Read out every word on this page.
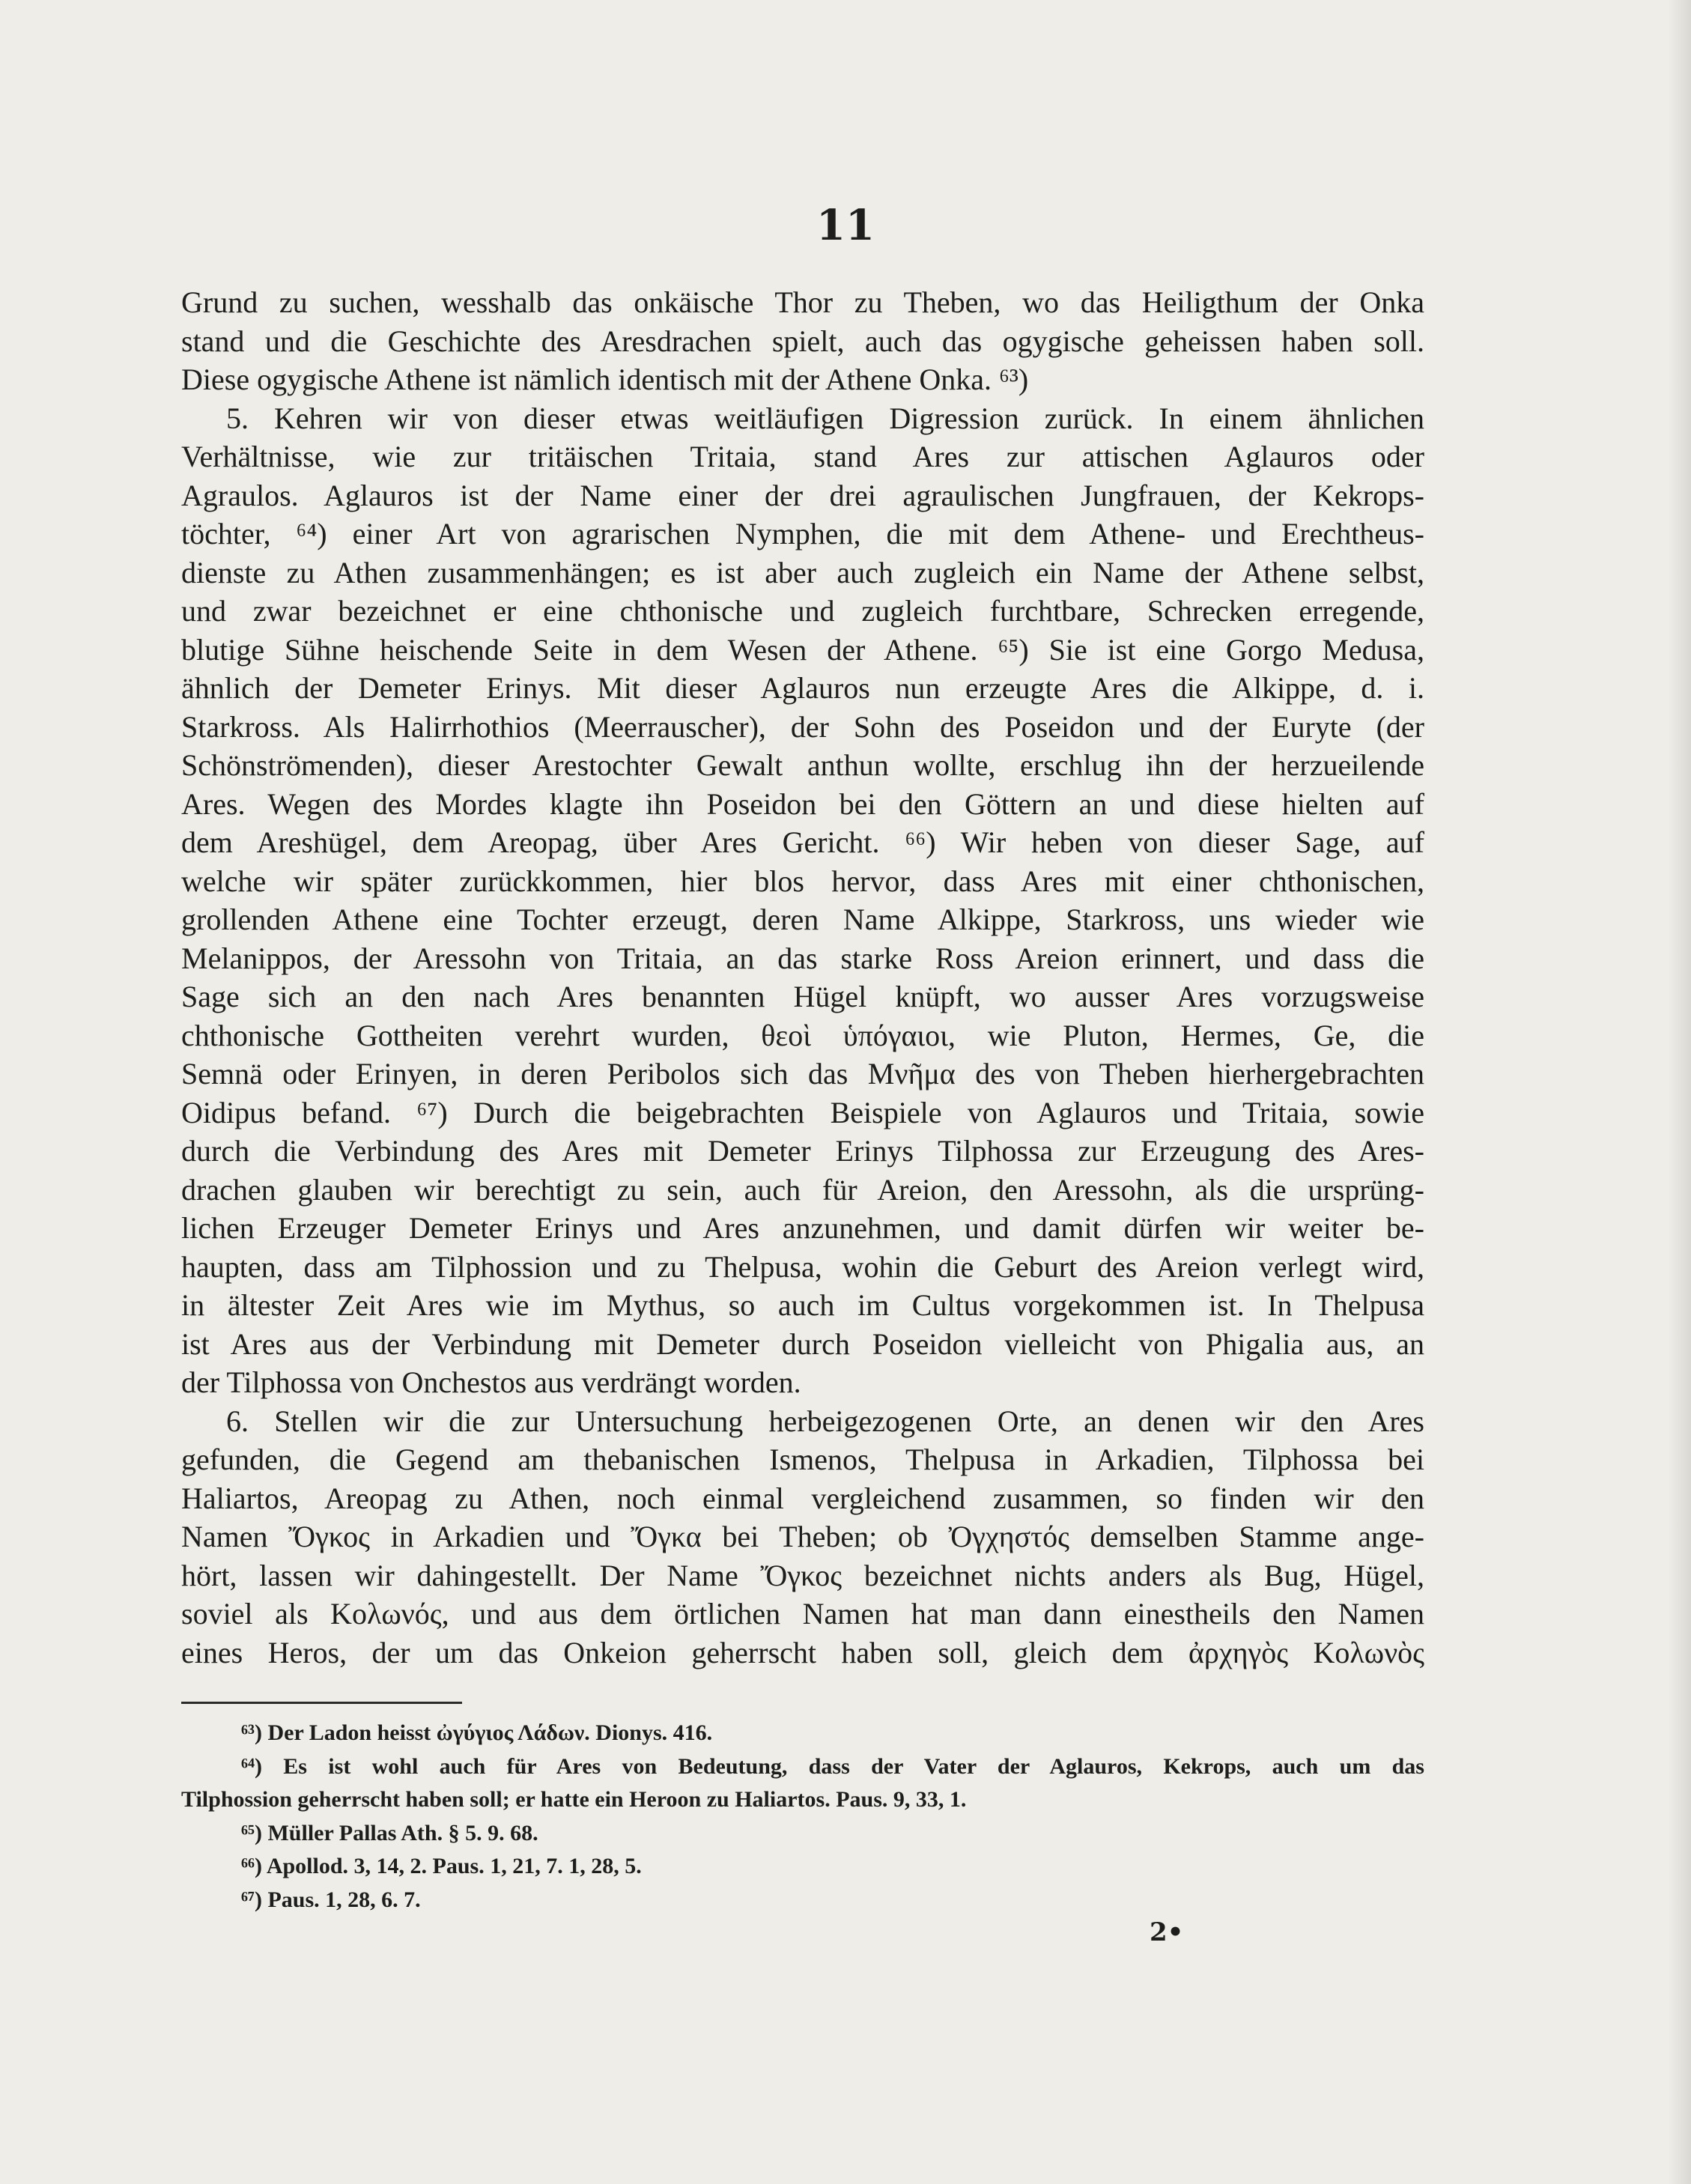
11
Grund zu suchen, wesshalb das onkäische Thor zu Theben, wo das Heiligthum der Onka
stand und die Geschichte des Aresdrachen spielt, auch das ogygische geheissen haben soll.
Diese ogygische Athene ist nämlich identisch mit der Athene Onka. ⁶³)
5. Kehren wir von dieser etwas weitläufigen Digression zurück. In einem ähnlichen
Verhältnisse, wie zur tritäischen Tritaia, stand Ares zur attischen Aglauros oder
Agraulos. Aglauros ist der Name einer der drei agraulischen Jungfrauen, der Kekrops-
töchter, ⁶⁴) einer Art von agrarischen Nymphen, die mit dem Athene- und Erechtheus-
dienste zu Athen zusammenhängen; es ist aber auch zugleich ein Name der Athene selbst,
und zwar bezeichnet er eine chthonische und zugleich furchtbare, Schrecken erregende,
blutige Sühne heischende Seite in dem Wesen der Athene. ⁶⁵) Sie ist eine Gorgo Medusa,
ähnlich der Demeter Erinys. Mit dieser Aglauros nun erzeugte Ares die Alkippe, d. i.
Starkross. Als Halirrhothios (Meerrauscher), der Sohn des Poseidon und der Euryte (der
Schönströmenden), dieser Arestochter Gewalt anthun wollte, erschlug ihn der herzueilende
Ares. Wegen des Mordes klagte ihn Poseidon bei den Göttern an und diese hielten auf
dem Areshügel, dem Areopag, über Ares Gericht. ⁶⁶) Wir heben von dieser Sage, auf
welche wir später zurückkommen, hier blos hervor, dass Ares mit einer chthonischen,
grollenden Athene eine Tochter erzeugt, deren Name Alkippe, Starkross, uns wieder wie
Melanippos, der Aressohn von Tritaia, an das starke Ross Areion erinnert, und dass die
Sage sich an den nach Ares benannten Hügel knüpft, wo ausser Ares vorzugsweise
chthonische Gottheiten verehrt wurden, θεοὶ ὑπόγαιοι, wie Pluton, Hermes, Ge, die
Semnä oder Erinyen, in deren Peribolos sich das Μνῆμα des von Theben hierhergebrachten
Oidipus befand. ⁶⁷) Durch die beigebrachten Beispiele von Aglauros und Tritaia, sowie
durch die Verbindung des Ares mit Demeter Erinys Tilphossa zur Erzeugung des Ares-
drachen glauben wir berechtigt zu sein, auch für Areion, den Aressohn, als die ursprüng-
lichen Erzeuger Demeter Erinys und Ares anzunehmen, und damit dürfen wir weiter be-
haupten, dass am Tilphossion und zu Thelpusa, wohin die Geburt des Areion verlegt wird,
in ältester Zeit Ares wie im Mythus, so auch im Cultus vorgekommen ist. In Thelpusa
ist Ares aus der Verbindung mit Demeter durch Poseidon vielleicht von Phigalia aus, an
der Tilphossa von Onchestos aus verdrängt worden.
6. Stellen wir die zur Untersuchung herbeigezogenen Orte, an denen wir den Ares
gefunden, die Gegend am thebanischen Ismenos, Thelpusa in Arkadien, Tilphossa bei
Haliartos, Areopag zu Athen, noch einmal vergleichend zusammen, so finden wir den
Namen Ὄγκος in Arkadien und Ὄγκα bei Theben; ob Ὀγχηστός demselben Stamme ange-
hört, lassen wir dahingestellt. Der Name Ὄγκος bezeichnet nichts anders als Bug, Hügel,
soviel als Κολωνός, und aus dem örtlichen Namen hat man dann einestheils den Namen
eines Heros, der um das Onkeion geherrscht haben soll, gleich dem ἀρχηγὸς Κολωνὸς
⁶³) Der Ladon heisst ὠγύγιος Λάδων. Dionys. 416.
⁶⁴) Es ist wohl auch für Ares von Bedeutung, dass der Vater der Aglauros, Kekrops, auch um das
Tilphossion geherrscht haben soll; er hatte ein Heroon zu Haliartos. Paus. 9, 33, 1.
⁶⁵) Müller Pallas Ath. § 5. 9. 68.
⁶⁶) Apollod. 3, 14, 2. Paus. 1, 21, 7. 1, 28, 5.
⁶⁷) Paus. 1, 28, 6. 7.
2•
